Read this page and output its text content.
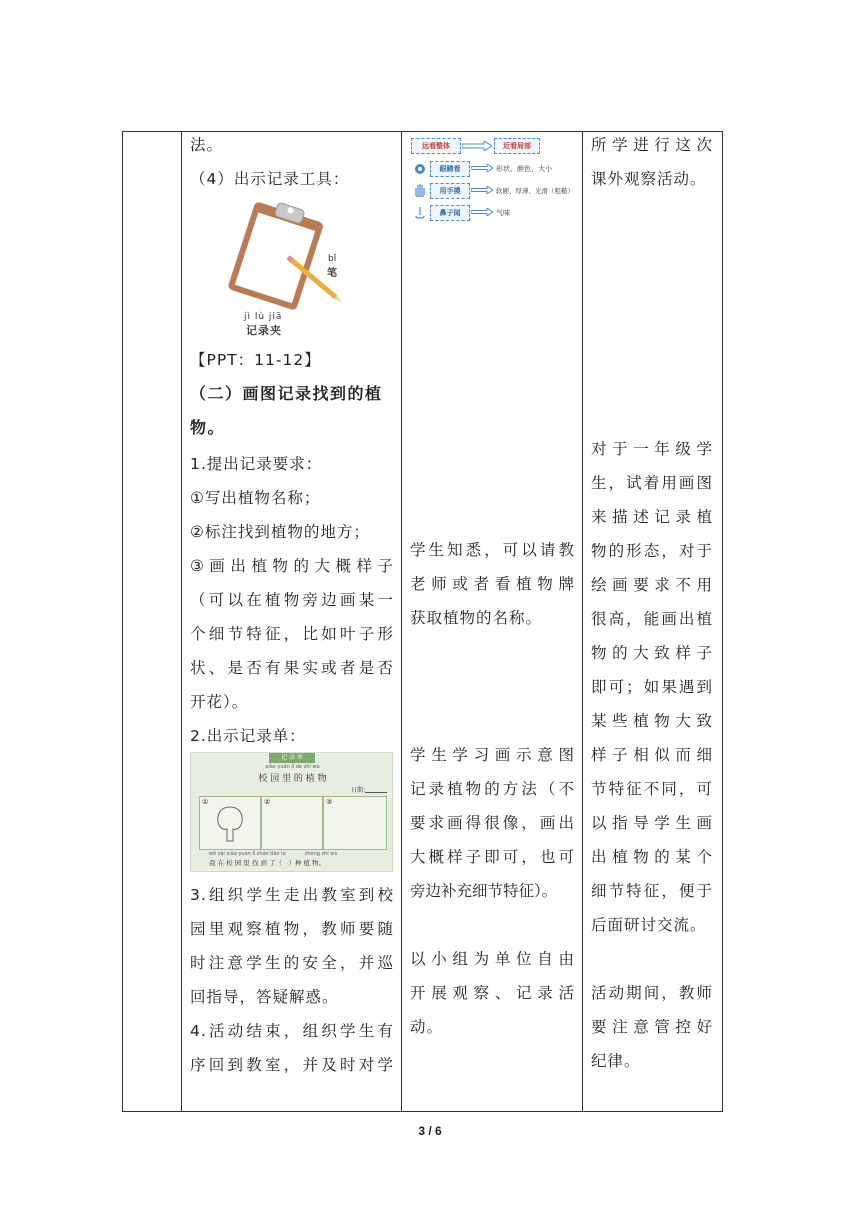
法。
（4）出示记录工具：
bǐ
笔
jì lù jiā
记录夹
【PPT：11-12】
（二）画图记录找到的植
物。
1.提出记录要求：
①写出植物名称；
②标注找到植物的地方；
③画出植物的大概样子
（可以在植物旁边画某一
个细节特征，比如叶子形
状、是否有果实或者是否
开花）。
2.出示记录单：
记 录 单
xiào yuán lǐ de zhí wù
校 园 里 的 植 物
日期：
①	②	③
wǒ zài xiào yuán lǐ zhǎo dào le            zhǒng zhí wù
我 在 校 园 里 找 到 了（　）种 植 物。
3.组织学生走出教室到校
园里观察植物，教师要随
时注意学生的安全，并巡
回指导，答疑解惑。
4.活动结束，组织学生有
序回到教室，并及时对学
远看整体	近看局部
眼睛看	形状、颜色、大小
用手摸	软硬、厚薄、光滑（粗糙）
鼻子闻	气味
学生知悉，可以请教
老师或者看植物牌
获取植物的名称。
学生学习画示意图
记录植物的方法（不
要求画得很像，画出
大概样子即可，也可
旁边补充细节特征）。
以小组为单位自由
开展观察、记录活
动。
所学进行这次
课外观察活动。
对于一年级学
生，试着用画图
来描述记录植
物的形态，对于
绘画要求不用
很高，能画出植
物的大致样子
即可；如果遇到
某些植物大致
样子相似而细
节特征不同，可
以指导学生画
出植物的某个
细节特征，便于
后面研讨交流。
活动期间，教师
要注意管控好
纪律。
3 / 6
